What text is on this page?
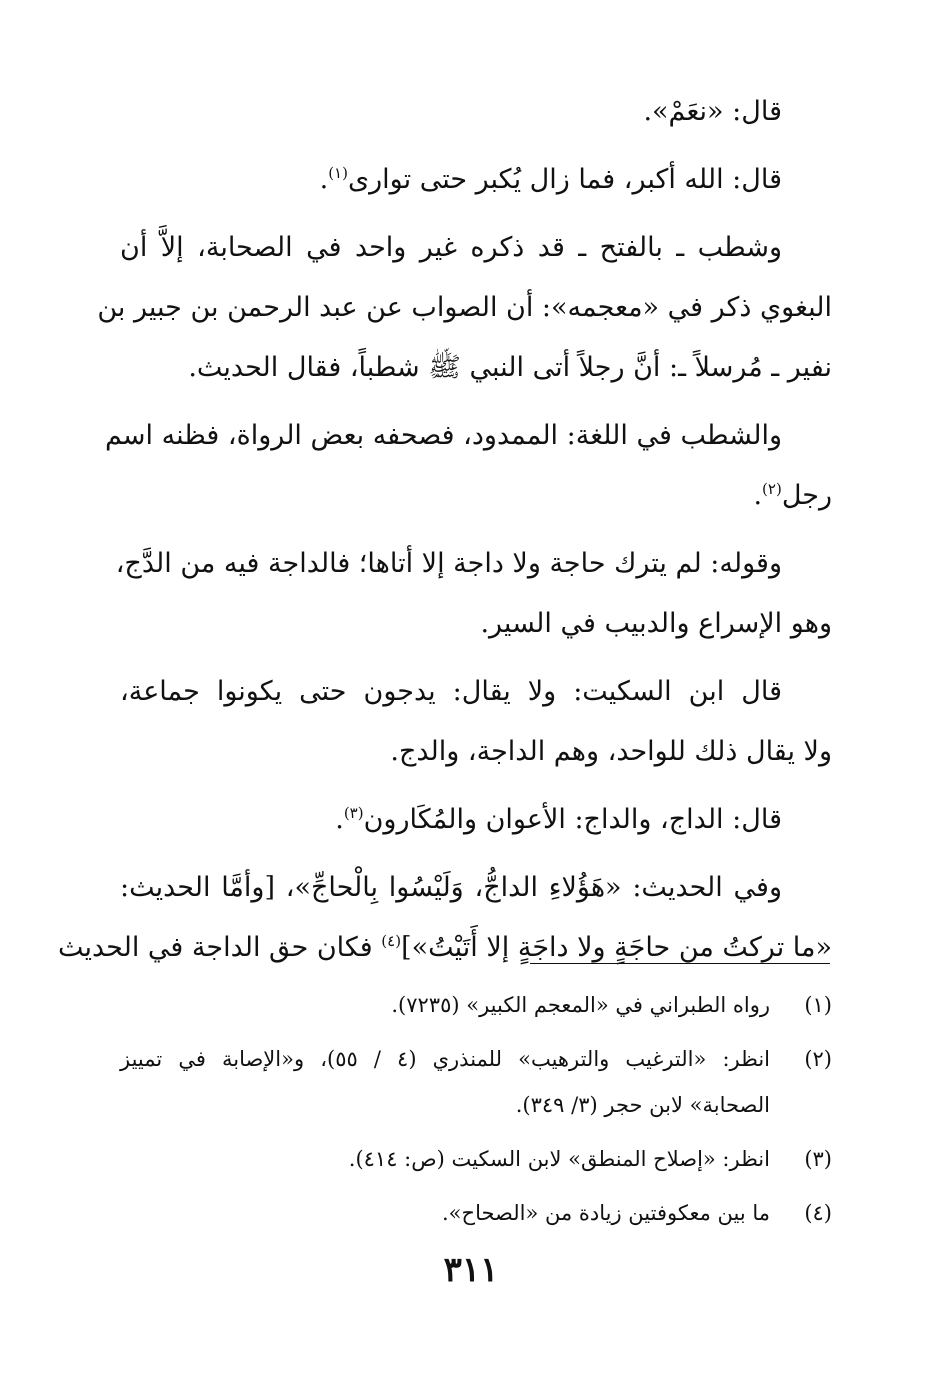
قال: «نعَمْ».

قال: الله أكبر، فما زال يُكبر حتى توارى$^{(١)}$.

وشطب ـ بالفتح ـ قد ذكره غير واحد في الصحابة، إلاَّ أن
البغوي ذكر في «معجمه»: أن الصواب عن عبد الرحمن بن جبير بن
نفير ـ مُرسلاً ـ: أنَّ رجلاً أتى النبي ﷺ شطباً، فقال الحديث.

والشطب في اللغة: الممدود، فصحفه بعض الرواة، فظنه اسم
رجل$^{(٢)}$.

وقوله: لم يترك حاجة ولا داجة إلا أتاها؛ فالداجة فيه من الدَّج،
وهو الإسراع والدبيب في السير.

قال ابن السكيت: ولا يقال: يدجون حتى يكونوا جماعة،
ولا يقال ذلك للواحد، وهم الداجة، والدج.

قال: الداج، والداج: الأعوان والمُكَارون$^{(٣)}$.

وفي الحديث: «هَؤُلاءِ الداجُّ، وَلَيْسُوا بِالْحاجِّ»، [وأمَّا الحديث:
«ما تركتُ من حاجَةٍ ولا داجَةٍ إلا أَتَيْتُ»]$^{(٤)}$ فكان حق الداجة في الحديث

(١)
رواه الطبراني في «المعجم الكبير» (٧٢٣٥).
(٢)
انظر: «الترغيب والترهيب» للمنذري (٤ / ٥٥)، و«الإصابة في تمييز
الصحابة» لابن حجر (٣/ ٣٤٩).
(٣)
انظر: «إصلاح المنطق» لابن السكيت (ص: ٤١٤).
(٤)
ما بين معكوفتين زيادة من «الصحاح».
٣١١
